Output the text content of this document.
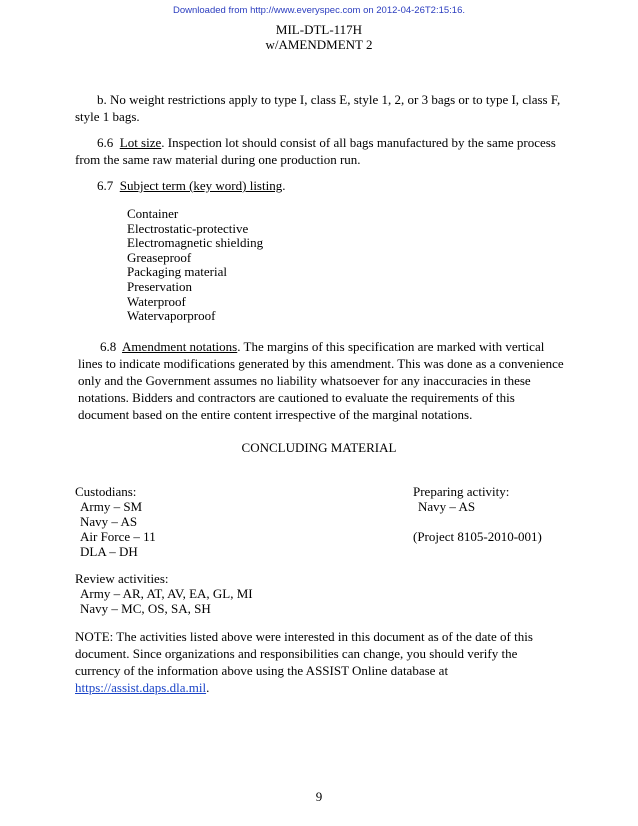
Downloaded from http://www.everyspec.com on 2012-04-26T2:15:16.
MIL-DTL-117H
w/AMENDMENT 2

b. No weight restrictions apply to type I, class E, style 1, 2, or 3 bags or to type I, class F, style 1 bags.

6.6 Lot size. Inspection lot should consist of all bags manufactured by the same process from the same raw material during one production run.

6.7 Subject term (key word) listing.

Container
Electrostatic-protective
Electromagnetic shielding
Greaseproof
Packaging material
Preservation
Waterproof
Watervaporproof

6.8 Amendment notations. The margins of this specification are marked with vertical lines to indicate modifications generated by this amendment. This was done as a convenience only and the Government assumes no liability whatsoever for any inaccuracies in these notations. Bidders and contractors are cautioned to evaluate the requirements of this document based on the entire content irrespective of the marginal notations.

CONCLUDING MATERIAL
Custodians:
Army – SM
Navy – AS
Air Force – 11
DLA – DH
Preparing activity:
Navy – AS

(Project 8105-2010-001)
Review activities:
Army – AR, AT, AV, EA, GL, MI
Navy – MC, OS, SA, SH

NOTE: The activities listed above were interested in this document as of the date of this document. Since organizations and responsibilities can change, you should verify the currency of the information above using the ASSIST Online database at https://assist.daps.dla.mil.

9
